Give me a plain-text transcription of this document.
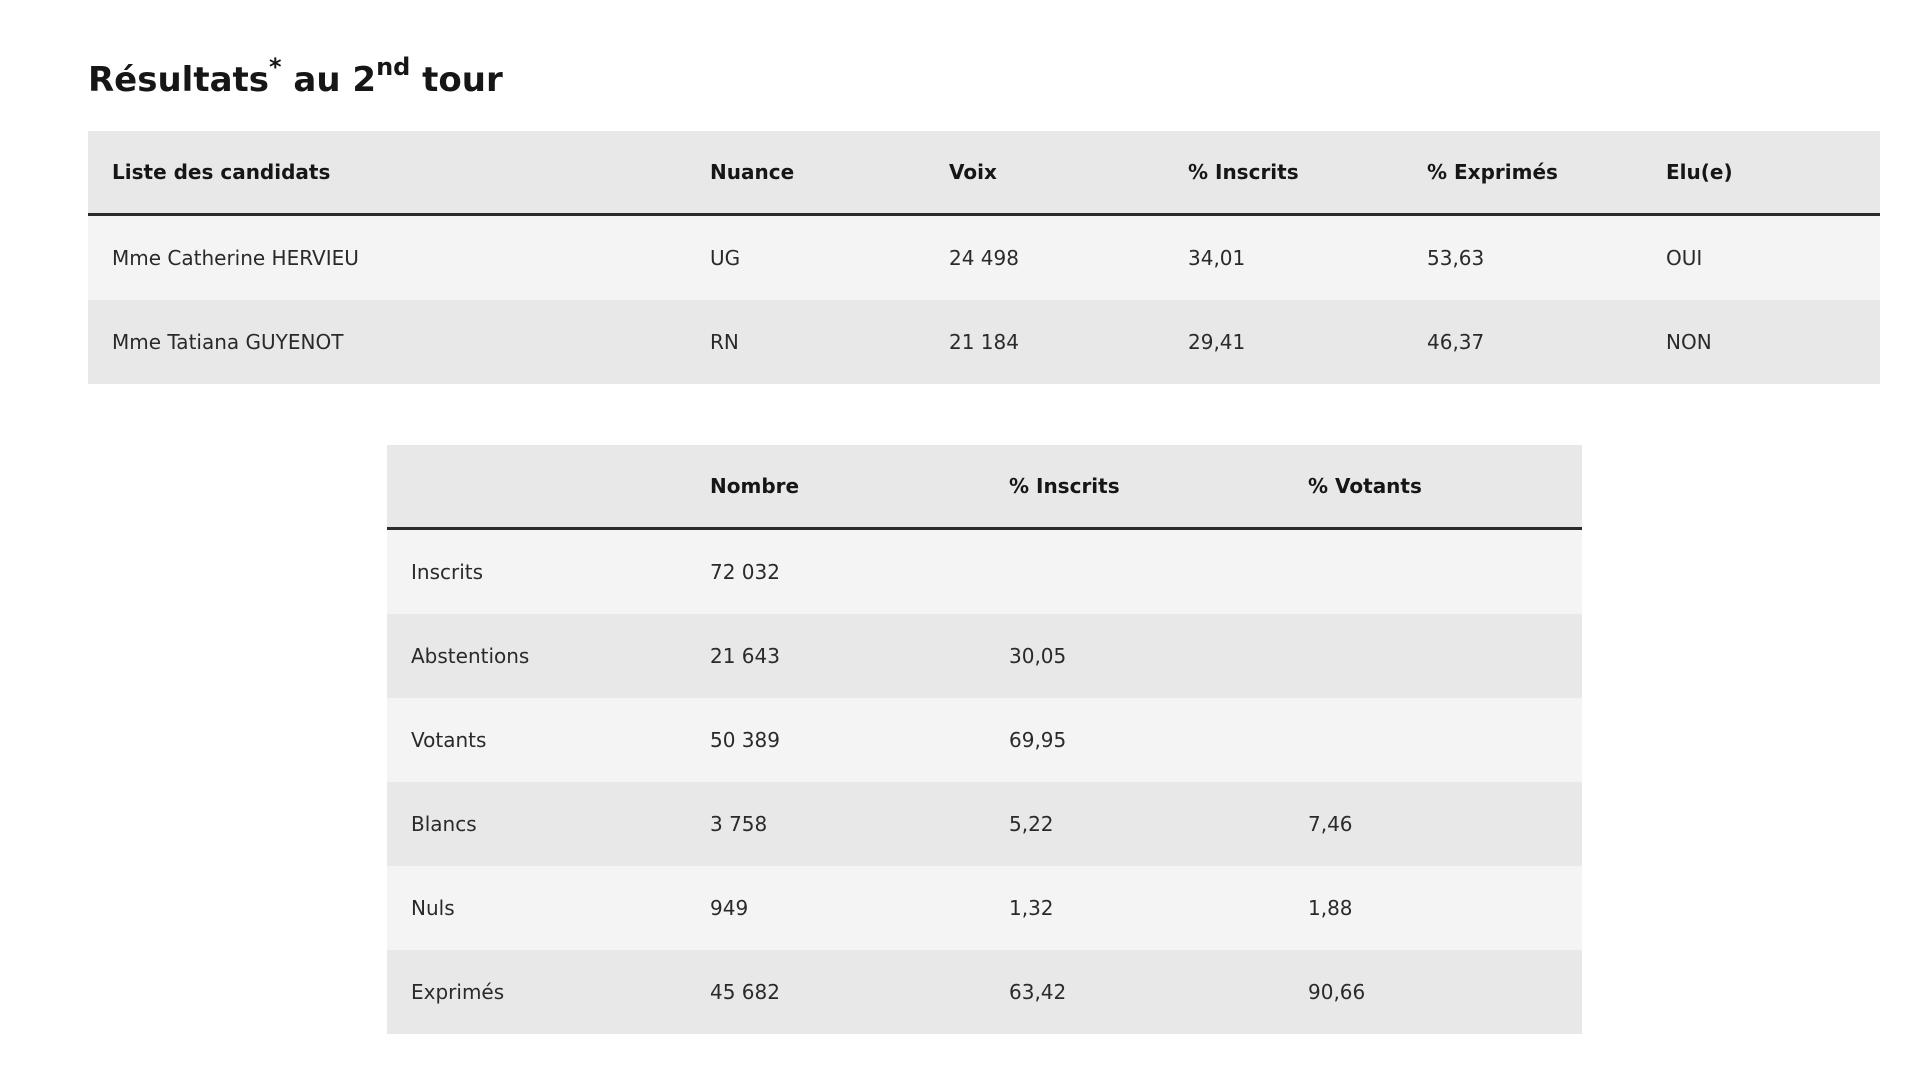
Résultats* au 2nd tour
Liste des candidats	Nuance	Voix	% Inscrits	% Exprimés	Elu(e)
Mme Catherine HERVIEU	UG	24 498	34,01	53,63	OUI
Mme Tatiana GUYENOT	RN	21 184	29,41	46,37	NON
	Nombre	% Inscrits	% Votants
Inscrits	72 032		
Abstentions	21 643	30,05	
Votants	50 389	69,95	
Blancs	3 758	5,22	7,46
Nuls	949	1,32	1,88
Exprimés	45 682	63,42	90,66
